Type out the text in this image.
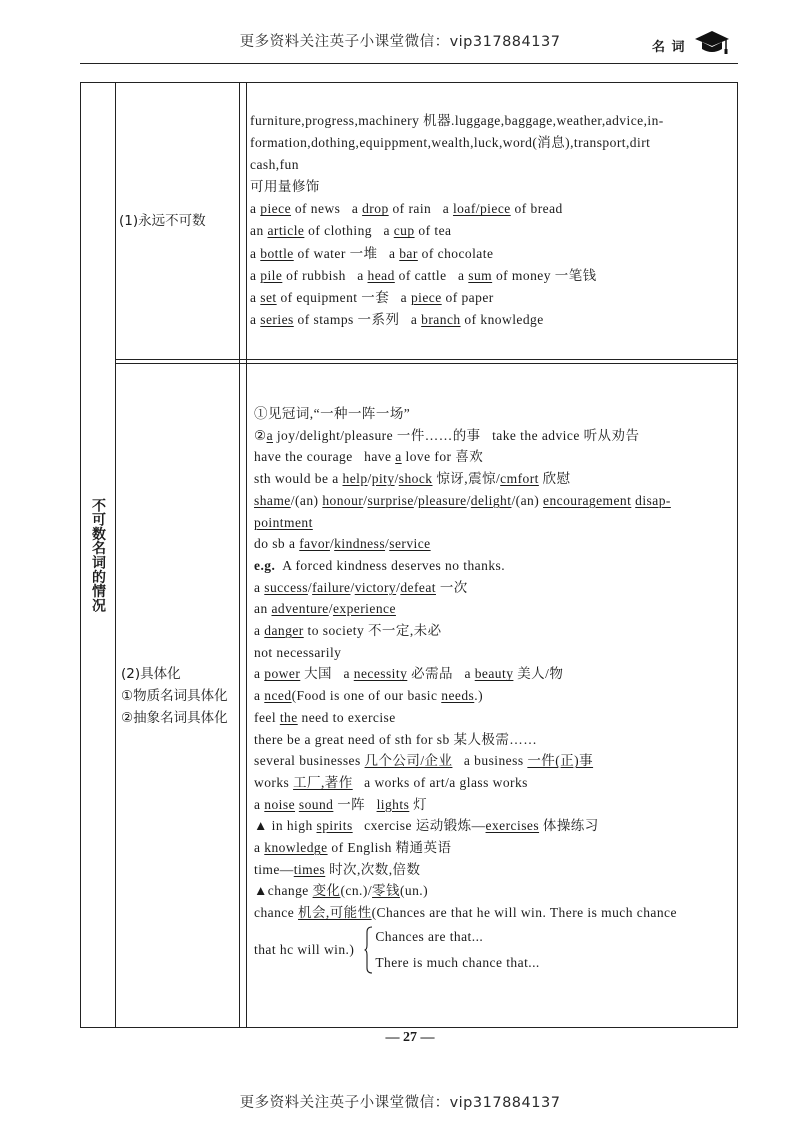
更多资料关注英子小课堂微信：vip317884137	名 词
不可数名词的情况
(1)永远不可数
furniture,progress,machinery 机器.luggage,baggage,weather,advice,in-
formation,dothing,equippment,wealth,luck,word(消息),transport,dirt
cash,fun
可用量修饰
a piece of news   a drop of rain   a loaf/piece of bread
an article of clothing   a cup of tea
a bottle of water 一堆   a bar of chocolate
a pile of rubbish   a head of cattle   a sum of money 一笔钱
a set of equipment 一套   a piece of paper
a series of stamps 一系列   a branch of knowledge
(2)具体化
①物质名词具体化
②抽象名词具体化
①见冠词,“一种一阵一场”
②a joy/delight/pleasure 一件……的事   take the advice 听从劝告
have the courage   have a love for 喜欢
sth would be a help/pity/shock 惊讶,震惊/cmfort 欣慰
shame/(an) honour/surprise/pleasure/delight/(an) encouragement disap-
pointment
do sb a favor/kindness/service
e.g.  A forced kindness deserves no thanks.
a success/failure/victory/defeat 一次
an adventure/experience
a danger to society 不一定,未必
not necessarily
a power 大国   a necessity 必需品   a beauty 美人/物
a nced(Food is one of our basic needs.)
feel the need to exercise
there be a great need of sth for sb 某人极需……
several businesses 几个公司/企业   a business 一件(正)事
works 工厂,著作   a works of art/a glass works
a noise sound 一阵   lights 灯
▲ in high spirits   cxercise 运动锻炼—exercises 体操练习
a knowledge of English 精通英语
time—times 时次,次数,倍数
▲change 变化(cn.)/零钱(un.)
chance 机会,可能性(Chances are that he will win. There is much chance
that hc will win.)
Chances are that...
There is much chance that...
— 27 —
更多资料关注英子小课堂微信：vip317884137
